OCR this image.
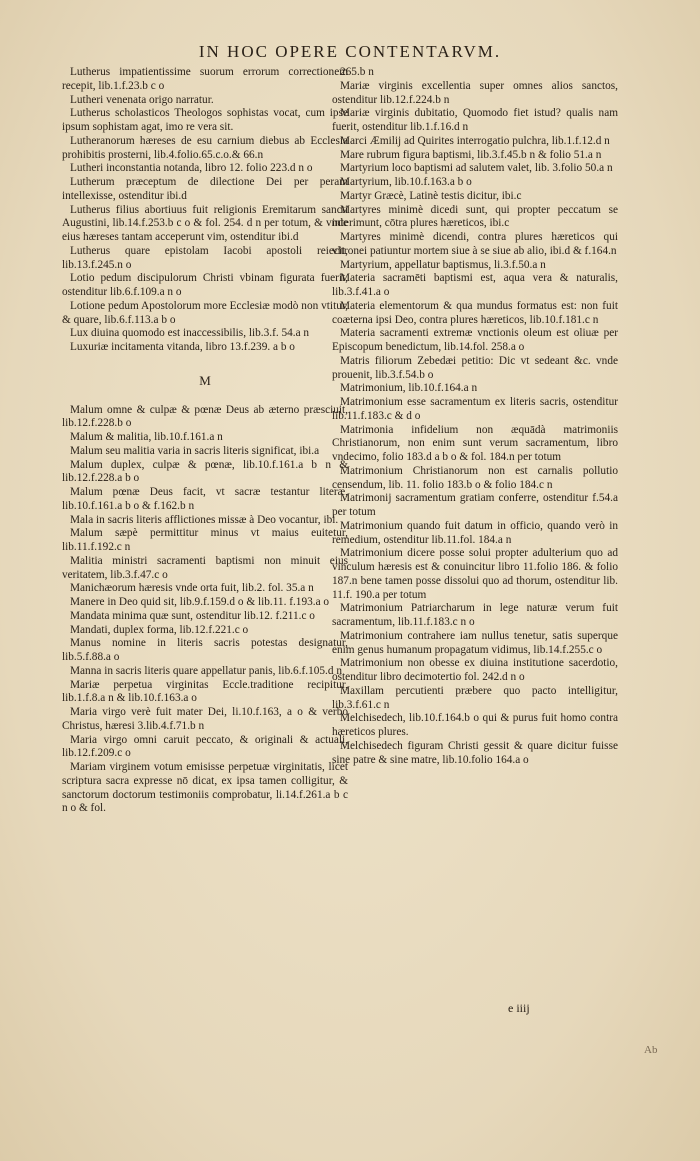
IN HOC OPERE CONTENTARVM.

Lutherus impatientissime suorum errorum correctionem recepit, lib.1.f.23.b c o

Lutheri venenata origo narratur.

Lutherus scholasticos Theologos sophistas vocat, cum ipse ipsum sophistam agat, imo re vera sit.

Lutheranorum hæreses de esu carnium diebus ab Ecclesia prohibitis prosterni, lib.4.folio.65.c.o.& 66.n

Lutheri inconstantia notanda, libro 12. folio 223.d n o

Lutherum præceptum de dilectione Dei per peram intellexisse, ostenditur ibi.d

Lutherus filius abortiuus fuit religionis Eremitarum sancti Augustini, lib.14.f.253.b c o & fol. 254. d n per totum, & vnde eius hæreses tantam acceperunt vim, ostenditur ibi.d

Lutherus quare epistolam Iacobi apostoli reiecit, lib.13.f.245.n o

Lotio pedum discipulorum Christi vbinam figurata fuerit, ostenditur lib.6.f.109.a n o

Lotione pedum Apostolorum more Ecclesiæ modò non vtitur, & quare, lib.6.f.113.a b o

Lux diuina quomodo est inaccessibilis, lib.3.f. 54.a n

Luxuriæ incitamenta vitanda, libro 13.f.239. a b o

M

Malum omne & culpæ & pœnæ Deus ab æterno præsciuit, lib.12.f.228.b o

Malum & malitia, lib.10.f.161.a n

Malum seu malitia varia in sacris literis significat, ibi.a

Malum duplex, culpæ & pœnæ, lib.10.f.161.a b n & lib.12.f.228.a b o

Malum pœnæ Deus facit, vt sacræ testantur literæ, lib.10.f.161.a b o & f.162.b n

Mala in sacris literis afflictiones missæ à Deo vocantur, ibi.

Malum sæpè permittitur minus vt maius euitetur, lib.11.f.192.c n

Malitia ministri sacramenti baptismi non minuit eius veritatem, lib.3.f.47.c o

Manichæorum hæresis vnde orta fuit, lib.2. fol. 35.a n

Manere in Deo quid sit, lib.9.f.159.d o & lib.11. f.193.a o

Mandata minima quæ sunt, ostenditur lib.12. f.211.c o

Mandati, duplex forma, lib.12.f.221.c o

Manus nomine in literis sacris potestas designatur, lib.5.f.88.a o

Manna in sacris literis quare appellatur panis, lib.6.f.105.d n

Mariæ perpetua virginitas Eccle.traditione recipitur, lib.1.f.8.a n & lib.10.f.163.a o

Maria virgo verè fuit mater Dei, li.10.f.163, a o & verbo Christus, hæresi 3.lib.4.f.71.b n

Maria virgo omni caruit peccato, & originali & actuali, lib.12.f.209.c o

Mariam virginem votum emisisse perpetuæ virginitatis, licet scriptura sacra expresse nō dicat, ex ipsa tamen colligitur, & sanctorum doctorum testimoniis comprobatur, li.14.f.261.a b c n o & fol.

265.b n

Mariæ virginis excellentia super omnes alios sanctos, ostenditur lib.12.f.224.b n

Mariæ virginis dubitatio, Quomodo fiet istud? qualis nam fuerit, ostenditur lib.1.f.16.d n

Marci Æmilij ad Quirites interrogatio pulchra, lib.1.f.12.d n

Mare rubrum figura baptismi, lib.3.f.45.b n & folio 51.a n

Martyrium loco baptismi ad salutem valet, lib. 3.folio 50.a n

Martyrium, lib.10.f.163.a b o

Martyr Græcè, Latinè testis dicitur, ibi.c

Martyres minimè dicedi sunt, qui propter peccatum se interimunt, cōtra plures hæreticos, ibi.c

Martyres minimè dicendi, contra plures hæreticos qui vltronei patiuntur mortem siue à se siue ab alio, ibi.d & f.164.n

Martyrium, appellatur baptismus, li.3.f.50.a n

Materia sacramēti baptismi est, aqua vera & naturalis, lib.3.f.41.a o

Materia elementorum & qua mundus formatus est: non fuit coæterna ipsi Deo, contra plures hæreticos, lib.10.f.181.c n

Materia sacramenti extremæ vnctionis oleum est oliuæ per Episcopum benedictum, lib.14.fol. 258.a o

Matris filiorum Zebedæi petitio: Dic vt sedeant &c. vnde prouenit, lib.3.f.54.b o

Matrimonium, lib.10.f.164.a n

Matrimonium esse sacramentum ex literis sacris, ostenditur lib.11.f.183.c & d o

Matrimonia infidelium non æquādà matrimoniis Christianorum, non enim sunt verum sacramentum, libro vndecimo, folio 183.d a b o & fol. 184.n per totum

Matrimonium Christianorum non est carnalis pollutio censendum, lib. 11. folio 183.b o & folio 184.c n

Matrimonij sacramentum gratiam conferre, ostenditur f.54.a per totum

Matrimonium quando fuit datum in officio, quando verò in remedium, ostenditur lib.11.fol. 184.a n

Matrimonium dicere posse solui propter adulterium quo ad vinculum hæresis est & conuincitur libro 11.folio 186. & folio 187.n bene tamen posse dissolui quo ad thorum, ostenditur lib. 11.f. 190.a per totum

Matrimonium Patriarcharum in lege naturæ verum fuit sacramentum, lib.11.f.183.c n o

Matrimonium contrahere iam nullus tenetur, satis superque enim genus humanum propagatum vidimus, lib.14.f.255.c o

Matrimonium non obesse ex diuina institutione sacerdotio, ostenditur libro decimotertio fol. 242.d n o

Maxillam percutienti præbere quo pacto intelligitur, lib.3.f.61.c n

Melchisedech, lib.10.f.164.b o qui & purus fuit homo contra hæreticos plures.

Melchisedech figuram Christi gessit & quare dicitur fuisse sine patre & sine matre, lib.10.folio 164.a o

e iiij
Ab
